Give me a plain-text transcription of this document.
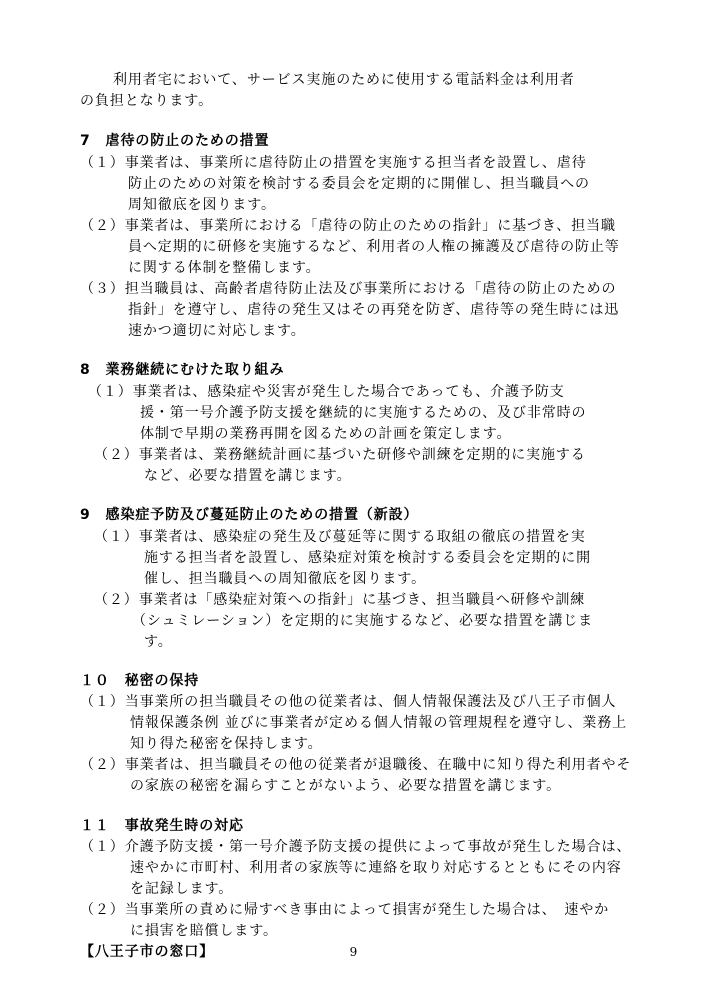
利用者宅において、サービス実施のために使用する電話料金は利用者
の負担となります。
7　虐待の防止のための措置
（１）事業者は、事業所に虐待防止の措置を実施する担当者を設置し、虐待
防止のための対策を検討する委員会を定期的に開催し、担当職員への
周知徹底を図ります。
（２）事業者は、事業所における「虐待の防止のための指針」に基づき、担当職
員へ定期的に研修を実施するなど、利用者の人権の擁護及び虐待の防止等
に関する体制を整備します。
（３）担当職員は、高齢者虐待防止法及び事業所における「虐待の防止のための
指針」を遵守し、虐待の発生又はその再発を防ぎ、虐待等の発生時には迅
速かつ適切に対応します。
8　業務継続にむけた取り組み
（１）事業者は、感染症や災害が発生した場合であっても、介護予防支
援・第一号介護予防支援を継続的に実施するための、及び非常時の
体制で早期の業務再開を図るための計画を策定します。
（２）事業者は、業務継続計画に基づいた研修や訓練を定期的に実施する
など、必要な措置を講じます。
9　感染症予防及び蔓延防止のための措置（新設）
（１）事業者は、感染症の発生及び蔓延等に関する取組の徹底の措置を実
施する担当者を設置し、感染症対策を検討する委員会を定期的に開
催し、担当職員への周知徹底を図ります。
（２）事業者は「感染症対策への指針」に基づき、担当職員へ研修や訓練
（シュミレーション）を定期的に実施するなど、必要な措置を講じま
す。
１０　秘密の保持
（１）当事業所の担当職員その他の従業者は、個人情報保護法及び八王子市個人
情報保護条例 並びに事業者が定める個人情報の管理規程を遵守し、業務上
知り得た秘密を保持します。
（２）事業者は、担当職員その他の従業者が退職後、在職中に知り得た利用者やそ
の家族の秘密を漏らすことがないよう、必要な措置を講じます。
１１　事故発生時の対応
（１）介護予防支援・第一号介護予防支援の提供によって事故が発生した場合は、
速やかに市町村、利用者の家族等に連絡を取り対応するとともにその内容
を記録します。
（２）当事業所の責めに帰すべき事由によって損害が発生した場合は、　速やか
に損害を賠償します。
【八王子市の窓口】	9
